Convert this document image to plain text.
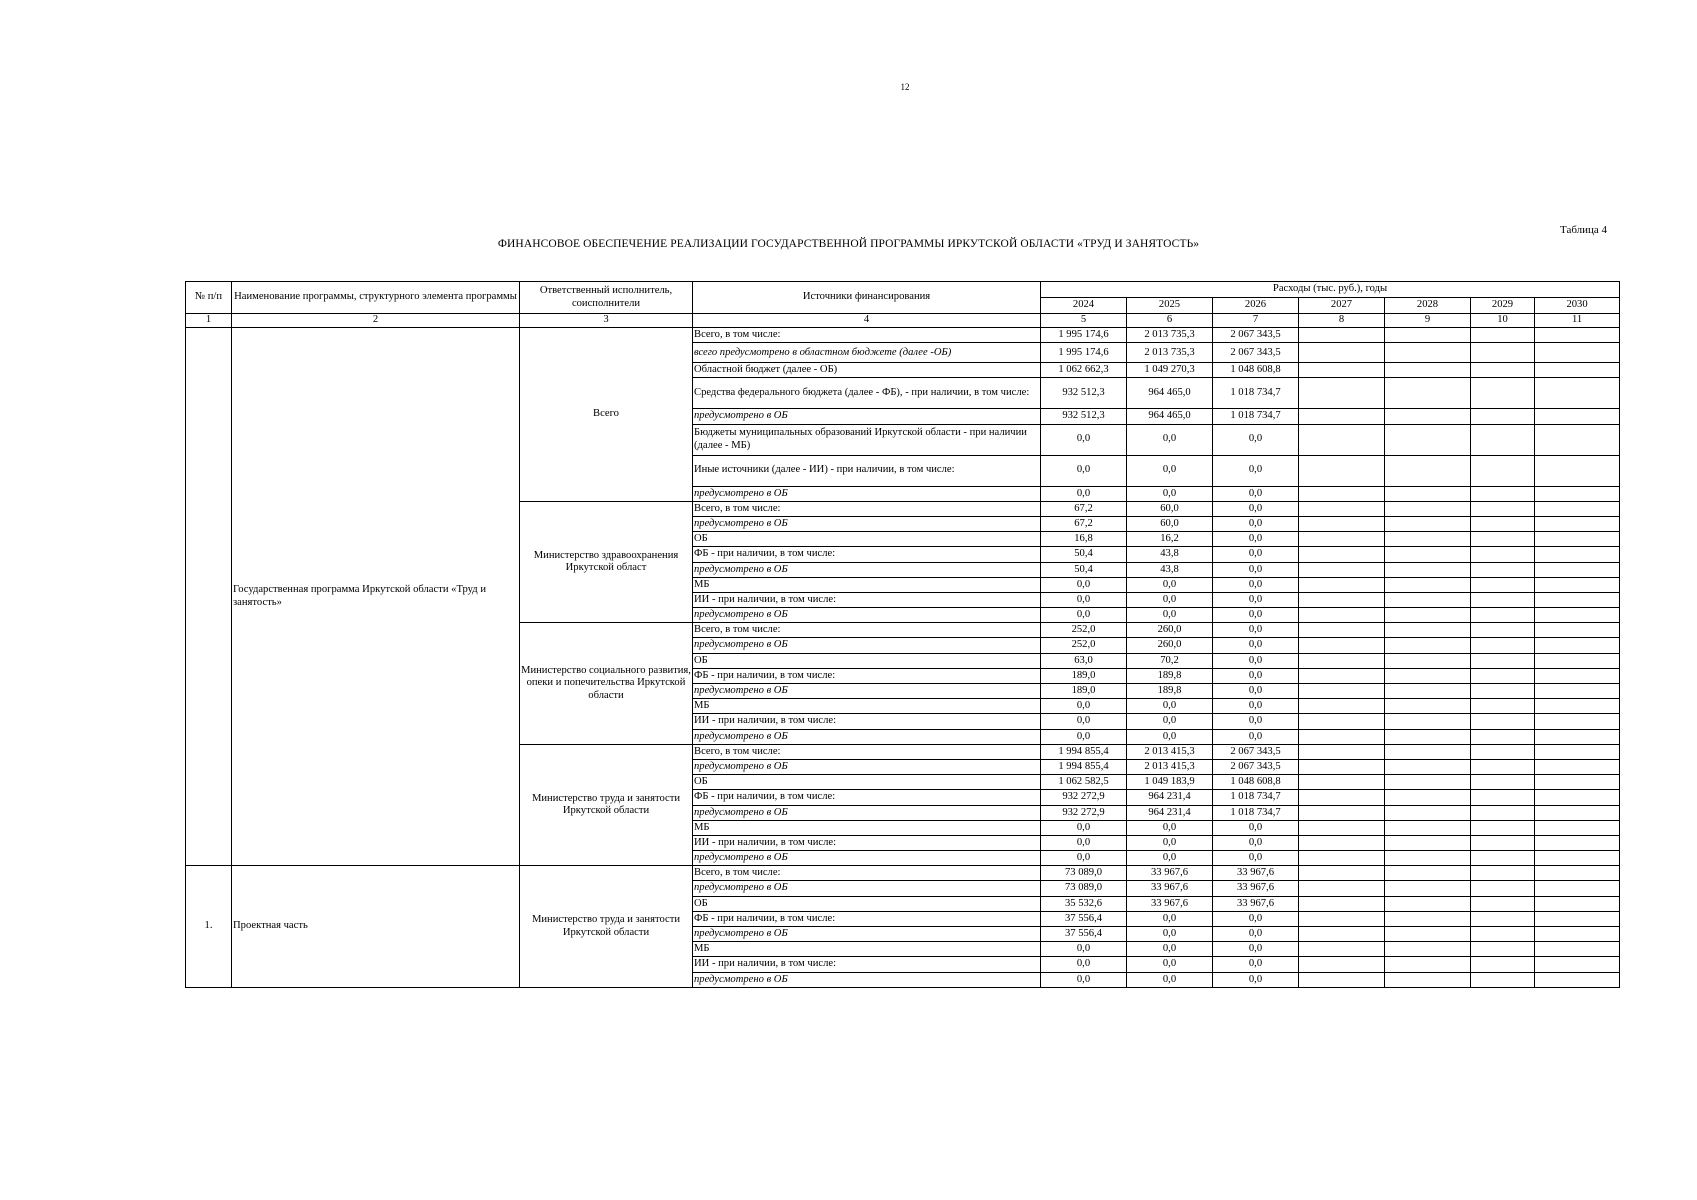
12
Таблица 4
ФИНАНСОВОЕ ОБЕСПЕЧЕНИЕ РЕАЛИЗАЦИИ ГОСУДАРСТВЕННОЙ ПРОГРАММЫ ИРКУТСКОЙ ОБЛАСТИ «ТРУД И ЗАНЯТОСТЬ»
№ п/п	Наименование программы, структурного элемента программы	Ответственный исполнитель, соисполнители	Источники финансирования	Расходы (тыс. руб.), годы						
				2024	2025	2026	2027	2028	2029	2030
1	2	3	4	5	6	7	8	9	10	11
	Государственная программа Иркутской области «Труд и занятость»	Всего	Всего, в том числе:	1 995 174,6	2 013 735,3	2 067 343,5				
			всего предусмотрено в областном бюджете (далее -ОБ)	1 995 174,6	2 013 735,3	2 067 343,5				
			Областной бюджет (далее - ОБ)	1 062 662,3	1 049 270,3	1 048 608,8				
			Средства федерального бюджета (далее - ФБ), - при наличии, в том числе:	932 512,3	964 465,0	1 018 734,7				
			предусмотрено в ОБ	932 512,3	964 465,0	1 018 734,7				
			Бюджеты муниципальных образований Иркутской области - при наличии (далее - МБ)	0,0	0,0	0,0				
			Иные источники (далее - ИИ) - при наличии, в том числе:	0,0	0,0	0,0				
			предусмотрено в ОБ	0,0	0,0	0,0				
		Министерство здравоохранения Иркутской област	Всего, в том числе:	67,2	60,0	0,0				
			предусмотрено в ОБ	67,2	60,0	0,0				
			ОБ	16,8	16,2	0,0				
			ФБ - при наличии, в том числе:	50,4	43,8	0,0				
			предусмотрено в ОБ	50,4	43,8	0,0				
			МБ	0,0	0,0	0,0				
			ИИ - при наличии, в том числе:	0,0	0,0	0,0				
			предусмотрено в ОБ	0,0	0,0	0,0				
		Министерство социального развития, опеки и попечительства Иркутской области	Всего, в том числе:	252,0	260,0	0,0				
			предусмотрено в ОБ	252,0	260,0	0,0				
			ОБ	63,0	70,2	0,0				
			ФБ - при наличии, в том числе:	189,0	189,8	0,0				
			предусмотрено в ОБ	189,0	189,8	0,0				
			МБ	0,0	0,0	0,0				
			ИИ - при наличии, в том числе:	0,0	0,0	0,0				
			предусмотрено в ОБ	0,0	0,0	0,0				
		Министерство труда и занятости Иркутской области	Всего, в том числе:	1 994 855,4	2 013 415,3	2 067 343,5				
			предусмотрено в ОБ	1 994 855,4	2 013 415,3	2 067 343,5				
			ОБ	1 062 582,5	1 049 183,9	1 048 608,8				
			ФБ - при наличии, в том числе:	932 272,9	964 231,4	1 018 734,7				
			предусмотрено в ОБ	932 272,9	964 231,4	1 018 734,7				
			МБ	0,0	0,0	0,0				
			ИИ - при наличии, в том числе:	0,0	0,0	0,0				
			предусмотрено в ОБ	0,0	0,0	0,0				
1.	Проектная часть	Министерство труда и занятости Иркутской области	Всего, в том числе:	73 089,0	33 967,6	33 967,6				
			предусмотрено в ОБ	73 089,0	33 967,6	33 967,6				
			ОБ	35 532,6	33 967,6	33 967,6				
			ФБ - при наличии, в том числе:	37 556,4	0,0	0,0				
			предусмотрено в ОБ	37 556,4	0,0	0,0				
			МБ	0,0	0,0	0,0				
			ИИ - при наличии, в том числе:	0,0	0,0	0,0				
			предусмотрено в ОБ	0,0	0,0	0,0				
